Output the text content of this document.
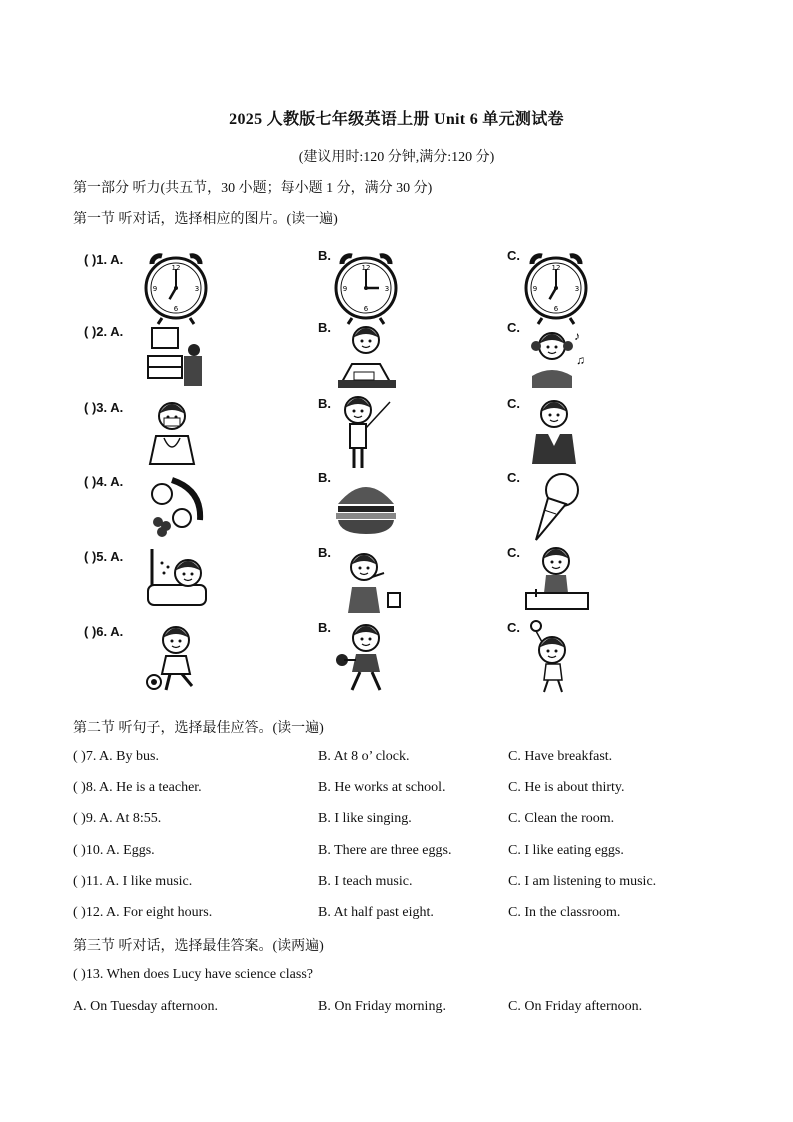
2025 人教版七年级英语上册 Unit 6 单元测试卷
(建议用时:120 分钟,满分:120 分)
第一部分 听力(共五节，30 小题；每小题 1 分，满分 30 分)
第一节 听对话，选择相应的图片。(读一遍)
( )1. A.	B.	C.
12
3
6
9
12
3
6
9
12
3
6
9
( )2. A.	B.	C.
♪
♫
( )3. A.	B.	C.
( )4. A.	B.	C.
( )5. A.	B.	C.
( )6. A.	B.	C.
第二节 听句子，选择最佳应答。(读一遍)
( )7. A. By bus.	B. At 8 o’ clock.	C. Have breakfast.
( )8. A. He is a teacher.	B. He works at school.	C. He is about thirty.
( )9. A. At 8:55.	B. I like singing.	C. Clean the room.
( )10. A. Eggs.	B. There are three eggs.	C. I like eating eggs.
( )11. A. I like music.	B. I teach music.	C. I am listening to music.
( )12. A. For eight hours.	B. At half past eight.	C. In the classroom.
第三节 听对话，选择最佳答案。(读两遍)
( )13. When does Lucy have science class?
A. On Tuesday afternoon.	B. On Friday morning.	C. On Friday afternoon.
